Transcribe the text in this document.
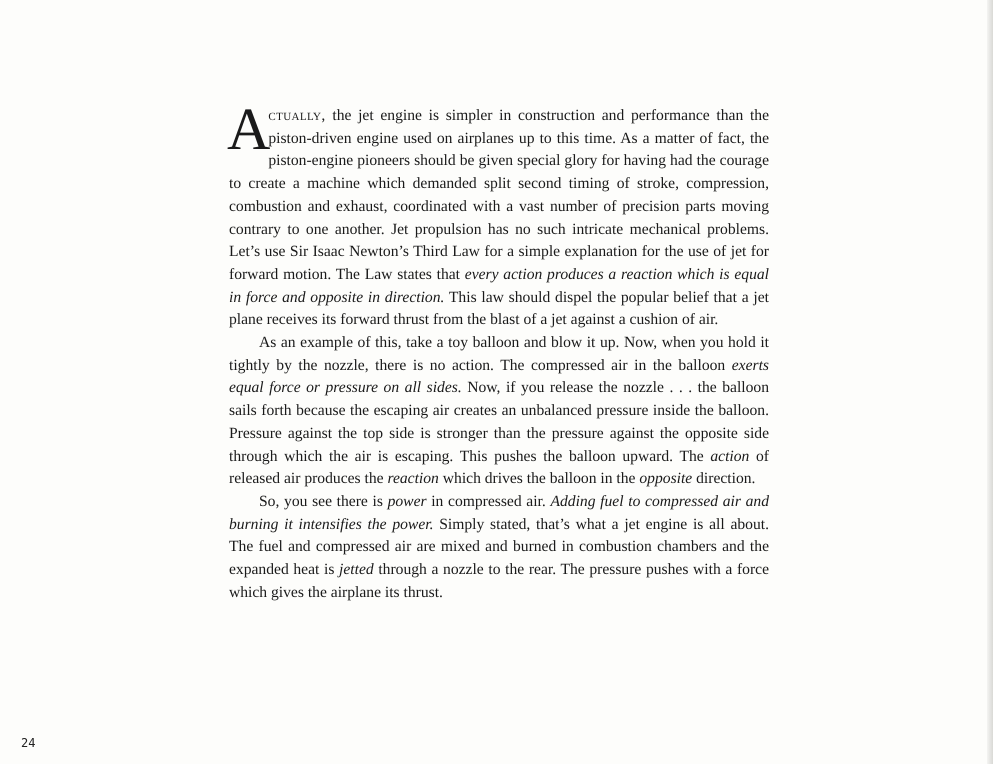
Actually, the jet engine is simpler in construction and performance than the piston-driven engine used on airplanes up to this time. As a matter of fact, the piston-engine pioneers should be given special glory for having had the courage to create a machine which demanded split second timing of stroke, compression, combustion and exhaust, coordinated with a vast number of precision parts moving contrary to one another. Jet propulsion has no such intricate mechanical problems. Let’s use Sir Isaac Newton’s Third Law for a simple explanation for the use of jet for forward motion. The Law states that every action produces a reaction which is equal in force and opposite in direction. This law should dispel the popular belief that a jet plane receives its forward thrust from the blast of a jet against a cushion of air.

As an example of this, take a toy balloon and blow it up. Now, when you hold it tightly by the nozzle, there is no action. The compressed air in the balloon exerts equal force or pressure on all sides. Now, if you release the nozzle . . . the balloon sails forth because the escaping air creates an unbalanced pressure inside the balloon. Pressure against the top side is stronger than the pressure against the opposite side through which the air is escaping. This pushes the balloon upward. The action of released air produces the reaction which drives the balloon in the opposite direction.

So, you see there is power in compressed air. Adding fuel to compressed air and burning it intensifies the power. Simply stated, that’s what a jet engine is all about. The fuel and compressed air are mixed and burned in combustion chambers and the expanded heat is jetted through a nozzle to the rear. The pressure pushes with a force which gives the airplane its thrust.

24
